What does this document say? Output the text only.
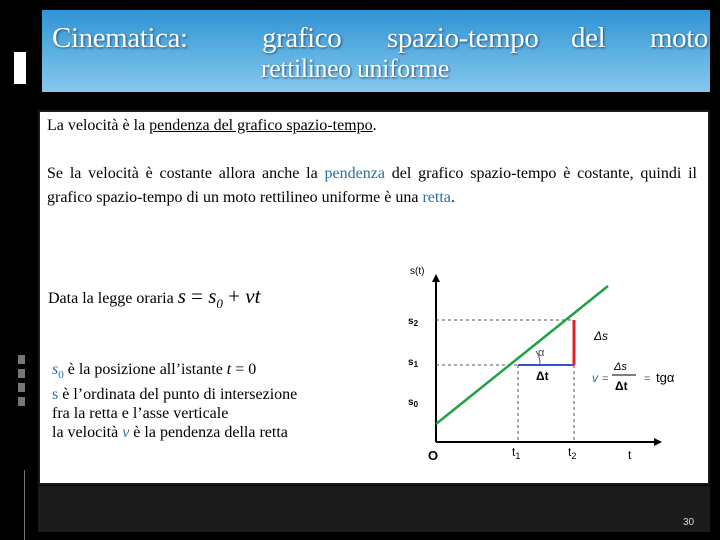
Cinematica:	grafico spazio-tempo del moto
rettilineo uniforme
La velocità è la pendenza del grafico spazio-tempo.
Se la velocità è costante allora anche la pendenza del grafico spazio-tempo è costante, quindi il grafico spazio-tempo di un moto rettilineo uniforme è una retta.
Data la legge oraria $s = s_0$ + vt
$s_0$ è la posizione all’istante t = 0
s è l’ordinata del punto di intersezione
fra la retta e l’asse verticale
la velocità v è la pendenza della retta
s(t)
t
O
$s_2$
$s_1$
$s_0$
$t_1$	$t_2$
α
Δt
Δs
v =
Δs
Δt = tgα
30
